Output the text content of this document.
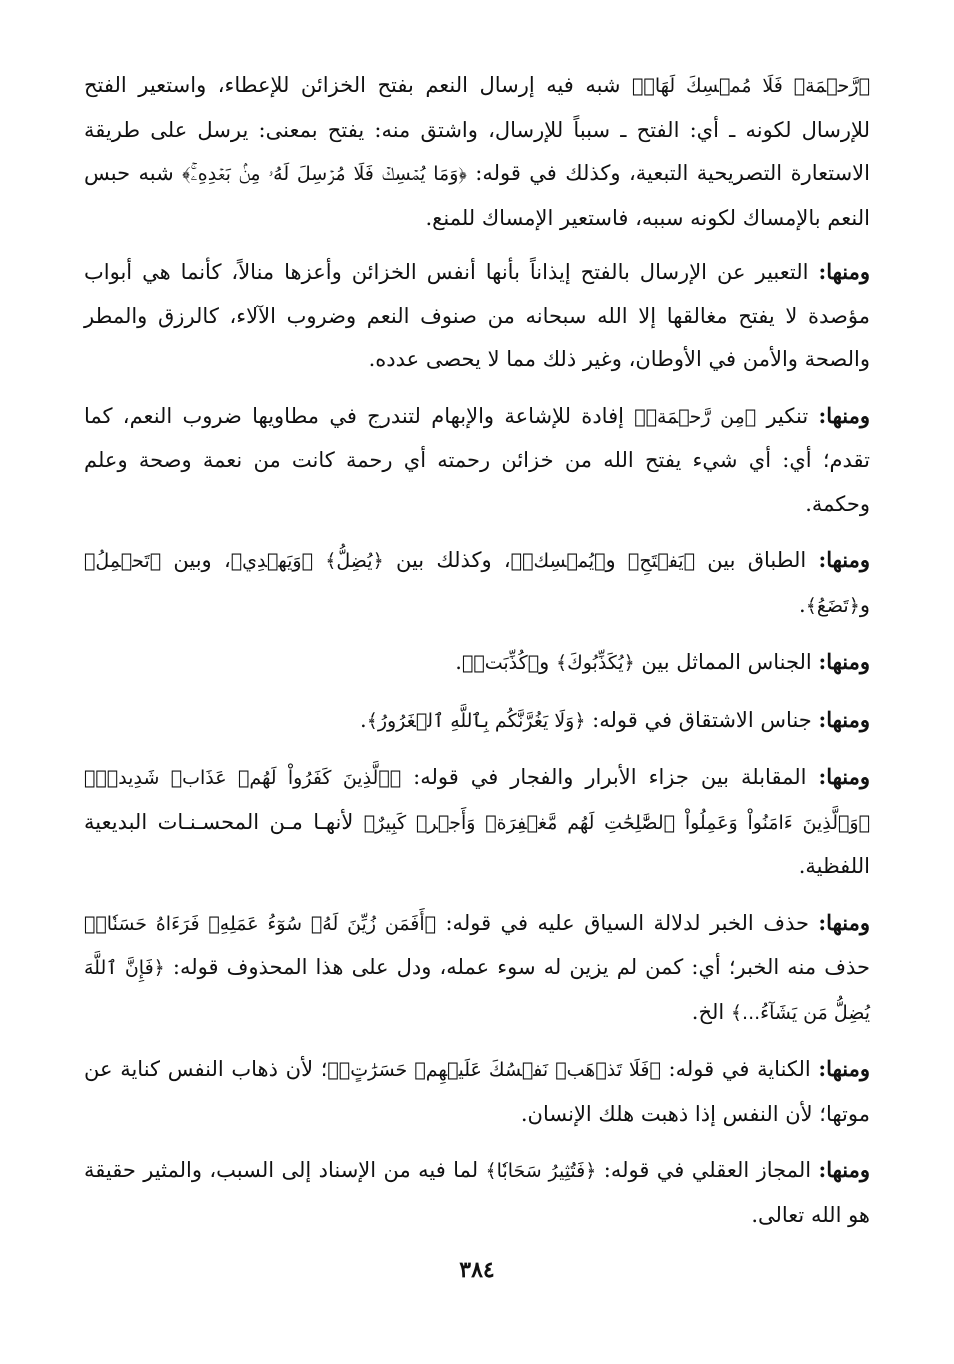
﴿رَّحۡمَةٖ فَلَا مُمۡسِكَ لَهَاۖ﴾ شبه فيه إرسال النعم بفتح الخزائن للإعطاء، واستعير الفتح للإرسال لكونه ـ أي: الفتح ـ سبباً للإرسال، واشتق منه: يفتح بمعنى: يرسل على طريقة الاستعارة التصريحية التبعية، وكذلك في قوله: ﴿وَمَا يُمۡسِكۡ فَلَا مُرۡسِلَ لَهُۥ مِنۢ بَعۡدِهِۦۚ﴾ شبه حبس النعم بالإمساك لكونه سببه، فاستعير الإمساك للمنع.

ومنها: التعبير عن الإرسال بالفتح إيذاناً بأنها أنفس الخزائن وأعزها منالاً، كأنما هي أبواب مؤصدة لا يفتح مغالقها إلا الله سبحانه من صنوف النعم وضروب الآلاء، كالرزق والمطر والصحة والأمن في الأوطان، وغير ذلك مما لا يحصى عدده.

ومنها: تنكير ﴿مِن رَّحۡمَةٖ﴾ إفادة للإشاعة والإبهام لتندرج في مطاويها ضروب النعم، كما تقدم؛ أي: أي شيء يفتح الله من خزائن رحمته أي رحمة كانت من نعمة وصحة وعلم وحكمة.

ومنها: الطباق بين ﴿يَفۡتَحِ﴾ و﴿يُمۡسِكۡ﴾، وكذلك بين ﴿يُضِلُّ﴾ ﴿وَيَهۡدِي﴾، وبين ﴿تَحۡمِلُ﴾ و﴿تَضَعُ﴾.

ومنها: الجناس المماثل بين ﴿يُكَذِّبُوكَ﴾ و﴿كُذِّبَتۡ﴾.

ومنها: جناس الاشتقاق في قوله: ﴿وَلَا يَغُرَّنَّكُم بِٱللَّهِ ٱلۡغَرُورُ﴾.

ومنها: المقابلة بين جزاء الأبرار والفجار في قوله: ﴿ٱلَّذِينَ كَفَرُواْ لَهُمۡ عَذَابٞ شَدِيدٞۖ﴾ ﴿وَٱلَّذِينَ ءَامَنُواْ وَعَمِلُواْ ٱلصَّٰلِحَٰتِ لَهُم مَّغۡفِرَةٞ وَأَجۡرٞ كَبِيرٌ﴾ لأنهـا مـن المحسـنـات البديعية اللفظية.

ومنها: حذف الخبر لدلالة السياق عليه في قوله: ﴿أَفَمَن زُيِّنَ لَهُۥ سُوٓءُ عَمَلِهِۦ فَرَءَاهُ حَسَنٗاۖ﴾ حذف منه الخبر؛ أي: كمن لم يزين له سوء عمله، ودل على هذا المحذوف قوله: ﴿فَإِنَّ ٱللَّهَ يُضِلُّ مَن يَشَآءُ...﴾ الخ.

ومنها: الكناية في قوله: ﴿فَلَا تَذۡهَبۡ نَفۡسُكَ عَلَيۡهِمۡ حَسَرَٰتٍۚ﴾؛ لأن ذهاب النفس كناية عن موتها؛ لأن النفس إذا ذهبت هلك الإنسان.

ومنها: المجاز العقلي في قوله: ﴿فَتُثِيرُ سَحَابٗا﴾ لما فيه من الإسناد إلى السبب، والمثير حقيقة هو الله تعالى.

٣٨٤
